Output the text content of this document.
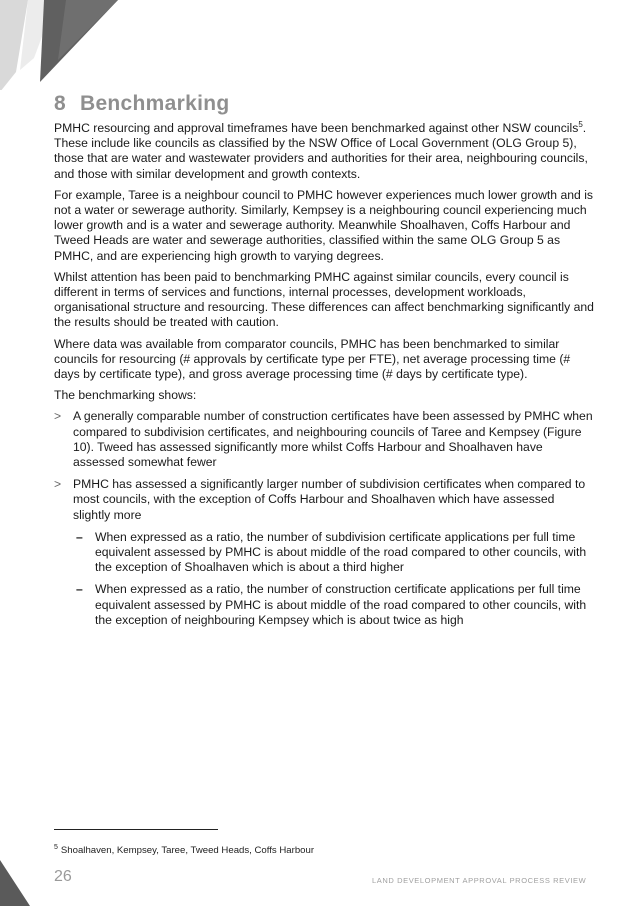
8 Benchmarking

PMHC resourcing and approval timeframes have been benchmarked against other NSW councils$^5$. These include like councils as classified by the NSW Office of Local Government (OLG Group 5), those that are water and wastewater providers and authorities for their area, neighbouring councils, and those with similar development and growth contexts.

For example, Taree is a neighbour council to PMHC however experiences much lower growth and is not a water or sewerage authority. Similarly, Kempsey is a neighbouring council experiencing much lower growth and is a water and sewerage authority. Meanwhile Shoalhaven, Coffs Harbour and Tweed Heads are water and sewerage authorities, classified within the same OLG Group 5 as PMHC, and are experiencing high growth to varying degrees.

Whilst attention has been paid to benchmarking PMHC against similar councils, every council is different in terms of services and functions, internal processes, development workloads, organisational structure and resourcing. These differences can affect benchmarking significantly and the results should be treated with caution.

Where data was available from comparator councils, PMHC has been benchmarked to similar councils for resourcing (# approvals by certificate type per FTE), net average processing time (# days by certificate type), and gross average processing time (# days by certificate type).

The benchmarking shows:

> A generally comparable number of construction certificates have been assessed by PMHC when compared to subdivision certificates, and neighbouring councils of Taree and Kempsey (Figure 10). Tweed has assessed significantly more whilst Coffs Harbour and Shoalhaven have assessed somewhat fewer
> PMHC has assessed a significantly larger number of subdivision certificates when compared to most councils, with the exception of Coffs Harbour and Shoalhaven which have assessed slightly more
– When expressed as a ratio, the number of subdivision certificate applications per full time equivalent assessed by PMHC is about middle of the road compared to other councils, with the exception of Shoalhaven which is about a third higher
– When expressed as a ratio, the number of construction certificate applications per full time equivalent assessed by PMHC is about middle of the road compared to other councils, with the exception of neighbouring Kempsey which is about twice as high
$^5$ Shoalhaven, Kempsey, Taree, Tweed Heads, Coffs Harbour
26	LAND DEVELOPMENT APPROVAL PROCESS REVIEW
